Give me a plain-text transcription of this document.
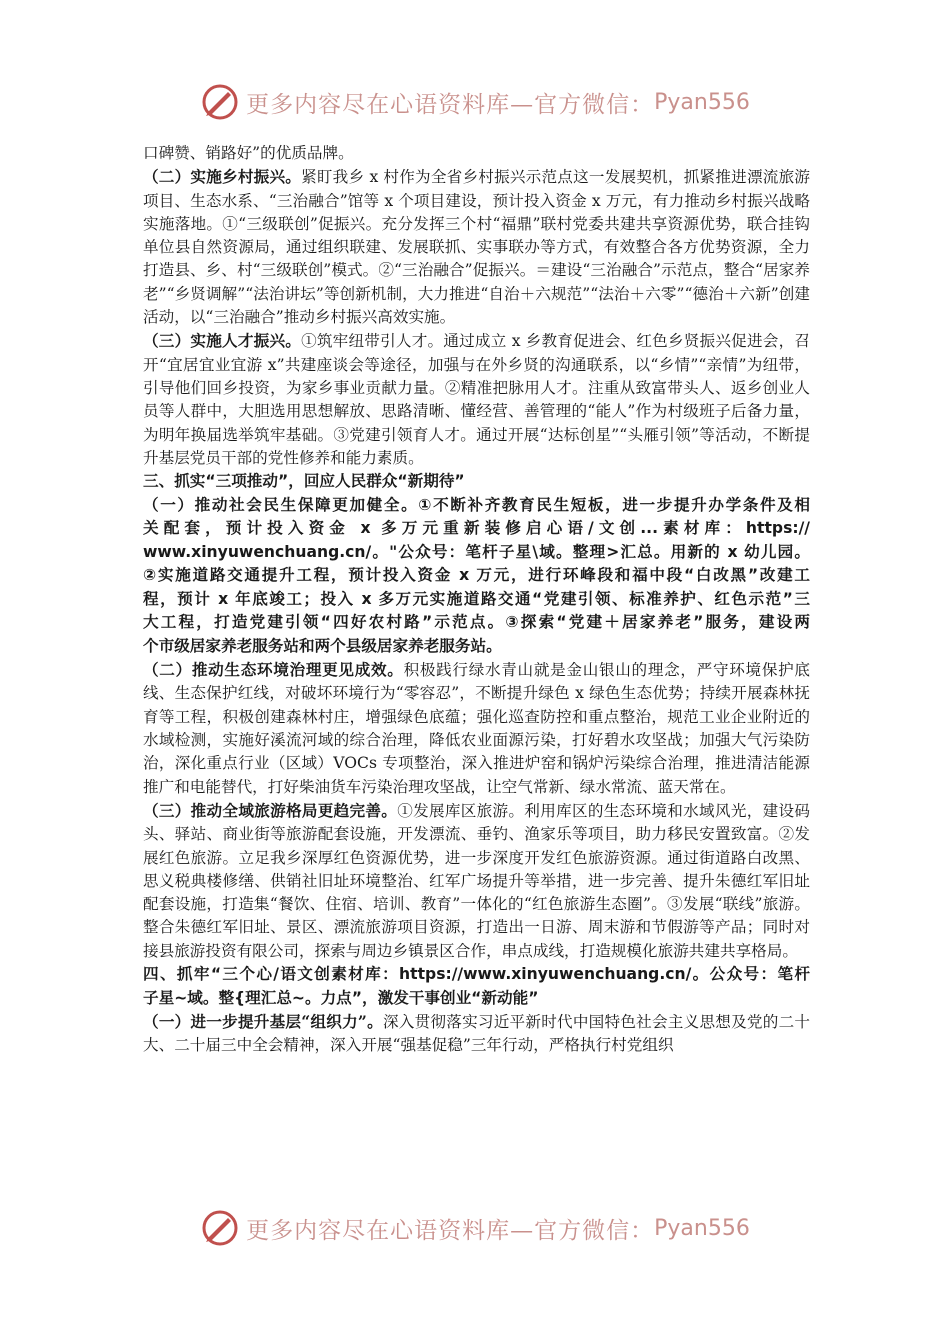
更多内容尽在心语资料库—官方微信： Pyan556

口碑赞、销路好”的优质品牌。

（二）实施乡村振兴。紧盯我乡 x 村作为全省乡村振兴示范点这一发展契机，抓紧推进漂流旅游项目、生态水系、“三治融合”馆等 x 个项目建设，预计投入资金 x 万元，有力推动乡村振兴战略实施落地。①“三级联创”促振兴。充分发挥三个村“福鼎”联村党委共建共享资源优势，联合挂钩单位县自然资源局，通过组织联建、发展联抓、实事联办等方式，有效整合各方优势资源，全力打造县、乡、村“三级联创”模式。②“三治融合”促振兴。＝建设“三治融合”示范点，整合“居家养老”“乡贤调解”“法治讲坛”等创新机制，大力推进“自治＋六规范”“法治＋六零”“德治＋六新”创建活动，以“三治融合”推动乡村振兴高效实施。

（三）实施人才振兴。①筑牢纽带引人才。通过成立 x 乡教育促进会、红色乡贤振兴促进会，召开“宜居宜业宜游 x”共建座谈会等途径，加强与在外乡贤的沟通联系，以“乡情”“亲情”为纽带，引导他们回乡投资，为家乡事业贡献力量。②精准把脉用人才。注重从致富带头人、返乡创业人员等人群中，大胆选用思想解放、思路清晰、懂经营、善管理的“能人”作为村级班子后备力量，为明年换届选举筑牢基础。③党建引领育人才。通过开展“达标创星”“头雁引领”等活动，不断提升基层党员干部的党性修养和能力素质。

三、抓实“三项推动”，回应人民群众“新期待”

（一）推动社会民生保障更加健全。①不断补齐教育民生短板，进一步提升办学条件及相

关配套，预计投入资金 x 多万元重新装修启心语/文创...素材库：https://

www.xinyuwenchuang.cn/。"公众号：笔杆子星\域。整理>汇总。用新的 x 幼儿园。

②实施道路交通提升工程，预计投入资金 x 万元，进行环峰段和福中段“白改黑”改建工

程，预计 x 年底竣工；投入 x 多万元实施道路交通“党建引领、标准养护、红色示范”三

大工程，打造党建引领“四好农村路”示范点。③探索“党建＋居家养老”服务，建设两

个市级居家养老服务站和两个县级居家养老服务站。

（二）推动生态环境治理更见成效。积极践行绿水青山就是金山银山的理念，严守环境保护底线、生态保护红线，对破坏环境行为“零容忍”，不断提升绿色 x 绿色生态优势；持续开展森林抚育等工程，积极创建森林村庄，增强绿色底蕴；强化巡查防控和重点整治，规范工业企业附近的水域检测，实施好溪流河域的综合治理，降低农业面源污染，打好碧水攻坚战；加强大气污染防治，深化重点行业（区域）VOCs 专项整治，深入推进炉窑和锅炉污染综合治理，推进清洁能源推广和电能替代，打好柴油货车污染治理攻坚战，让空气常新、绿水常流、蓝天常在。

（三）推动全域旅游格局更趋完善。①发展库区旅游。利用库区的生态环境和水域风光，建设码头、驿站、商业街等旅游配套设施，开发漂流、垂钓、渔家乐等项目，助力移民安置致富。②发展红色旅游。立足我乡深厚红色资源优势，进一步深度开发红色旅游资源。通过街道路白改黑、思义税典楼修缮、供销社旧址环境整治、红军广场提升等举措，进一步完善、提升朱德红军旧址配套设施，打造集“餐饮、住宿、培训、教育”一体化的“红色旅游生态圈”。③发展“联线”旅游。整合朱德红军旧址、景区、漂流旅游项目资源，打造出一日游、周末游和节假游等产品；同时对接县旅游投资有限公司，探索与周边乡镇景区合作，串点成线，打造规模化旅游共建共享格局。

四、抓牢“三个心/语文创素材库：https://www.xinyuwenchuang.cn/。公众号：笔杆

子星~域。整{理汇总~。力点”，激发干事创业“新动能”

（一）进一步提升基层“组织力”。深入贯彻落实习近平新时代中国特色社会主义思想及党的二十大、二十届三中全会精神，深入开展“强基促稳”三年行动，严格执行村党组织

更多内容尽在心语资料库—官方微信： Pyan556
